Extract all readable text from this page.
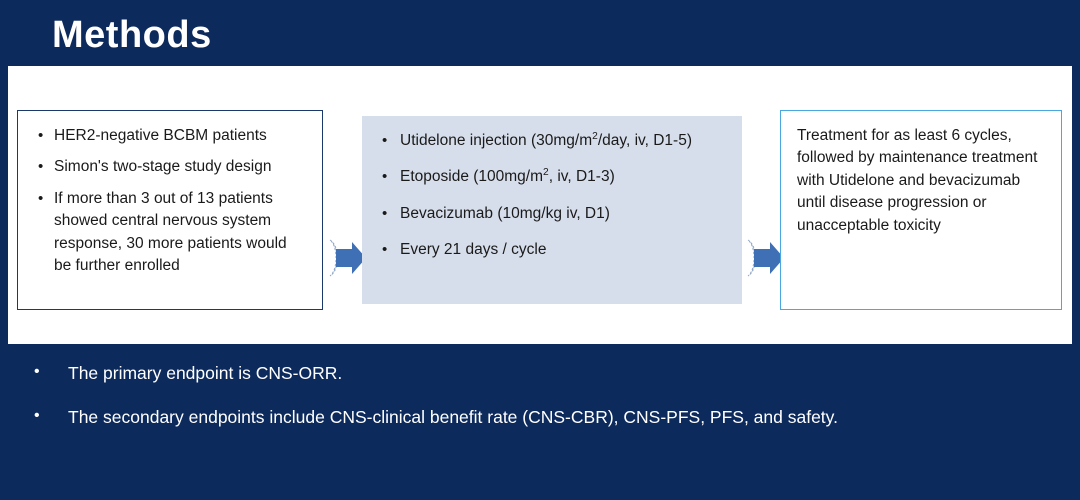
Methods
• HER2-negative BCBM patients
• Simon's two-stage study design
• If more than 3 out of 13 patients showed central nervous system response, 30 more patients would be further enrolled
• Utidelone injection ($30mg/m^2$/day, iv, D1-5)
• Etoposide ($100mg/m^2$, iv, D1-3)
• Bevacizumab (10mg/kg iv, D1)
• Every 21 days / cycle

Treatment for as least 6 cycles, followed by maintenance treatment with Utidelone and bevacizumab until disease progression or unacceptable toxicity

• The primary endpoint is CNS-ORR.
• The secondary endpoints include CNS-clinical benefit rate (CNS-CBR), CNS-PFS, PFS, and safety.
